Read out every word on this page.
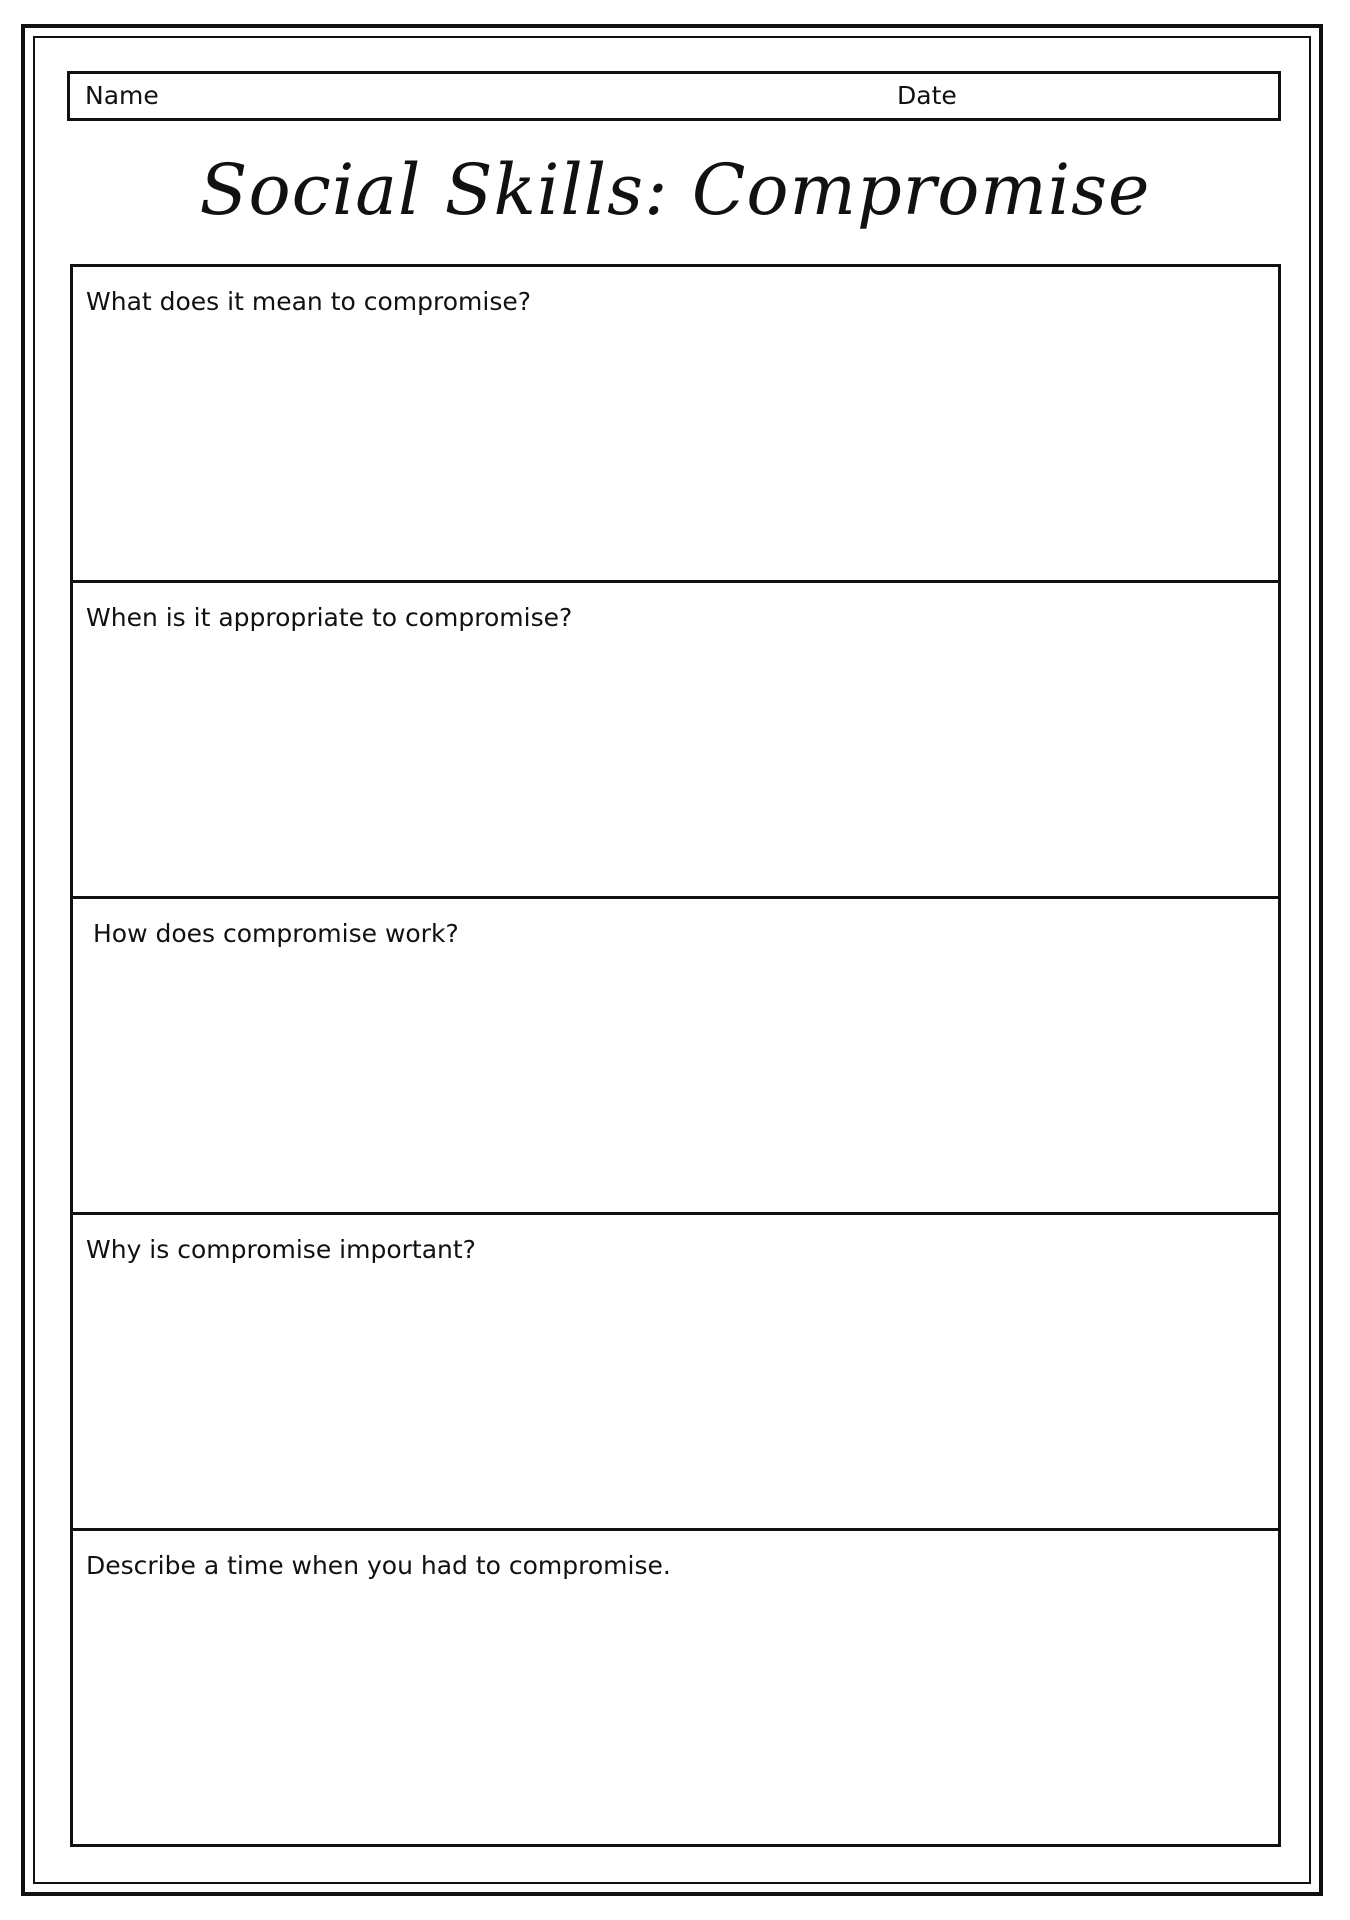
Name	Date
Social Skills: Compromise
What does it mean to compromise?
When is it appropriate to compromise?
How does compromise work?
Why is compromise important?
Describe a time when you had to compromise.
